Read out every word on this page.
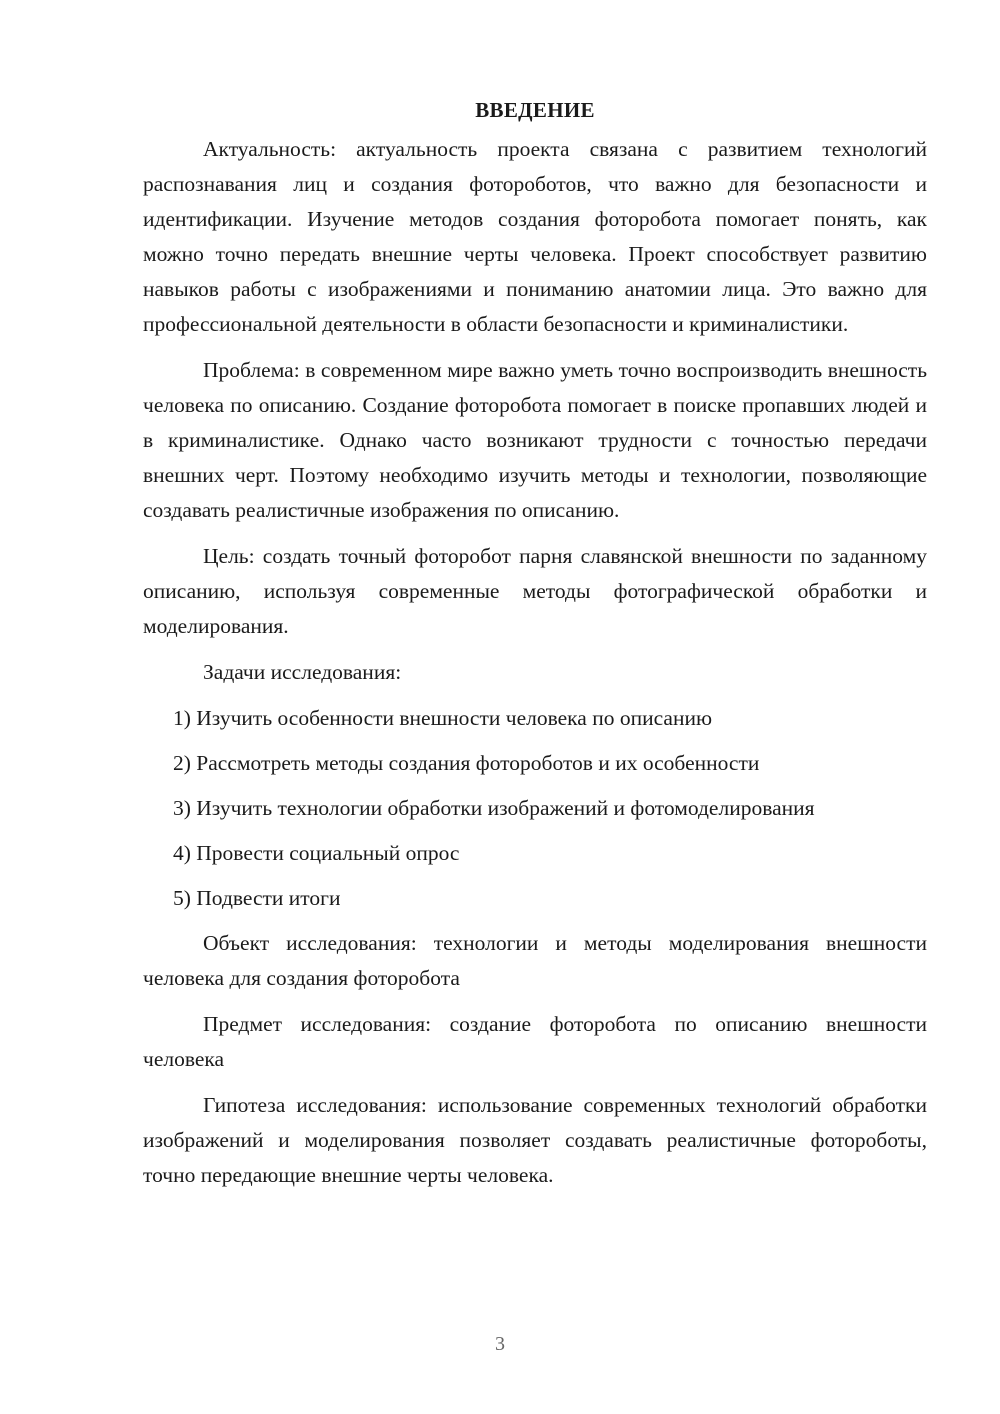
ВВЕДЕНИЕ

Актуальность: актуальность проекта связана с развитием технологий распознавания лиц и создания фотороботов, что важно для безопасности и идентификации. Изучение методов создания фоторобота помогает понять, как можно точно передать внешние черты человека. Проект способствует развитию навыков работы с изображениями и пониманию анатомии лица. Это важно для профессиональной деятельности в области безопасности и криминалистики.

Проблема: в современном мире важно уметь точно воспроизводить внешность человека по описанию. Создание фоторобота помогает в поиске пропавших людей и в криминалистике. Однако часто возникают трудности с точностью передачи внешних черт. Поэтому необходимо изучить методы и технологии, позволяющие создавать реалистичные изображения по описанию.

Цель: создать точный фоторобот парня славянской внешности по заданному описанию, используя современные методы фотографической обработки и моделирования.

Задачи исследования:

1) Изучить особенности внешности человека по описанию
2) Рассмотреть методы создания фотороботов и их особенности
3) Изучить технологии обработки изображений и фотомоделирования
4) Провести социальный опрос
5) Подвести итоги

Объект исследования: технологии и методы моделирования внешности человека для создания фоторобота

Предмет исследования: создание фоторобота по описанию внешности человека

Гипотеза исследования: использование современных технологий обработки изображений и моделирования позволяет создавать реалистичные фотороботы, точно передающие внешние черты человека.

3
